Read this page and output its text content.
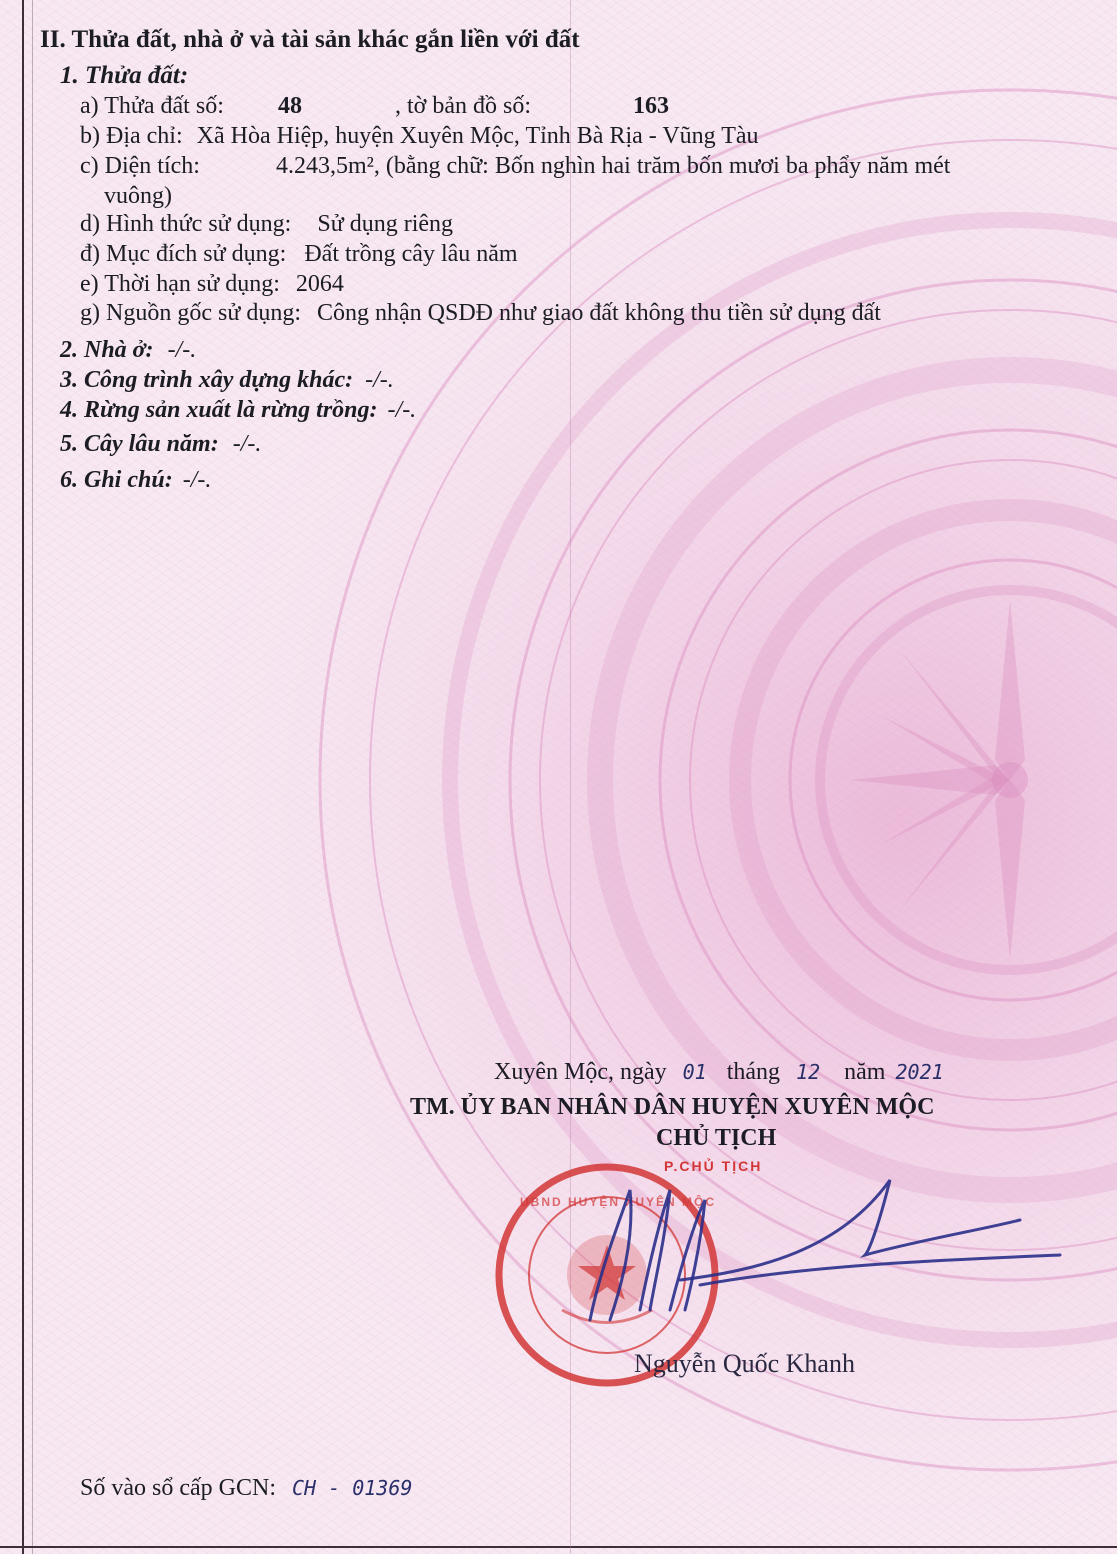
II. Thửa đất, nhà ở và tài sản khác gắn liền với đất
1. Thửa đất:
a) Thửa đất số: 48	, tờ bản đồ số:	163
b) Địa chỉ: Xã Hòa Hiệp, huyện Xuyên Mộc, Tỉnh Bà Rịa - Vũng Tàu
c) Diện tích:	4.243,5m², (bằng chữ: Bốn nghìn hai trăm bốn mươi ba phẩy năm mét
vuông)
d) Hình thức sử dụng: Sử dụng riêng
đ) Mục đích sử dụng: Đất trồng cây lâu năm
e) Thời hạn sử dụng: 2064
g) Nguồn gốc sử dụng: Công nhận QSDĐ như giao đất không thu tiền sử dụng đất
2. Nhà ở: -/-.
3. Công trình xây dựng khác: -/-.
4. Rừng sản xuất là rừng trồng: -/-.
5. Cây lâu năm: -/-.
6. Ghi chú: -/-.
Xuyên Mộc, ngày 01 tháng 12 năm 2021
TM. ỦY BAN NHÂN DÂN HUYỆN XUYÊN MỘC
CHỦ TỊCH
P.CHỦ TỊCH
UBND HUYỆN XUYÊN MỘC
Nguyễn Quốc Khanh
Số vào sổ cấp GCN: CH - 01369
